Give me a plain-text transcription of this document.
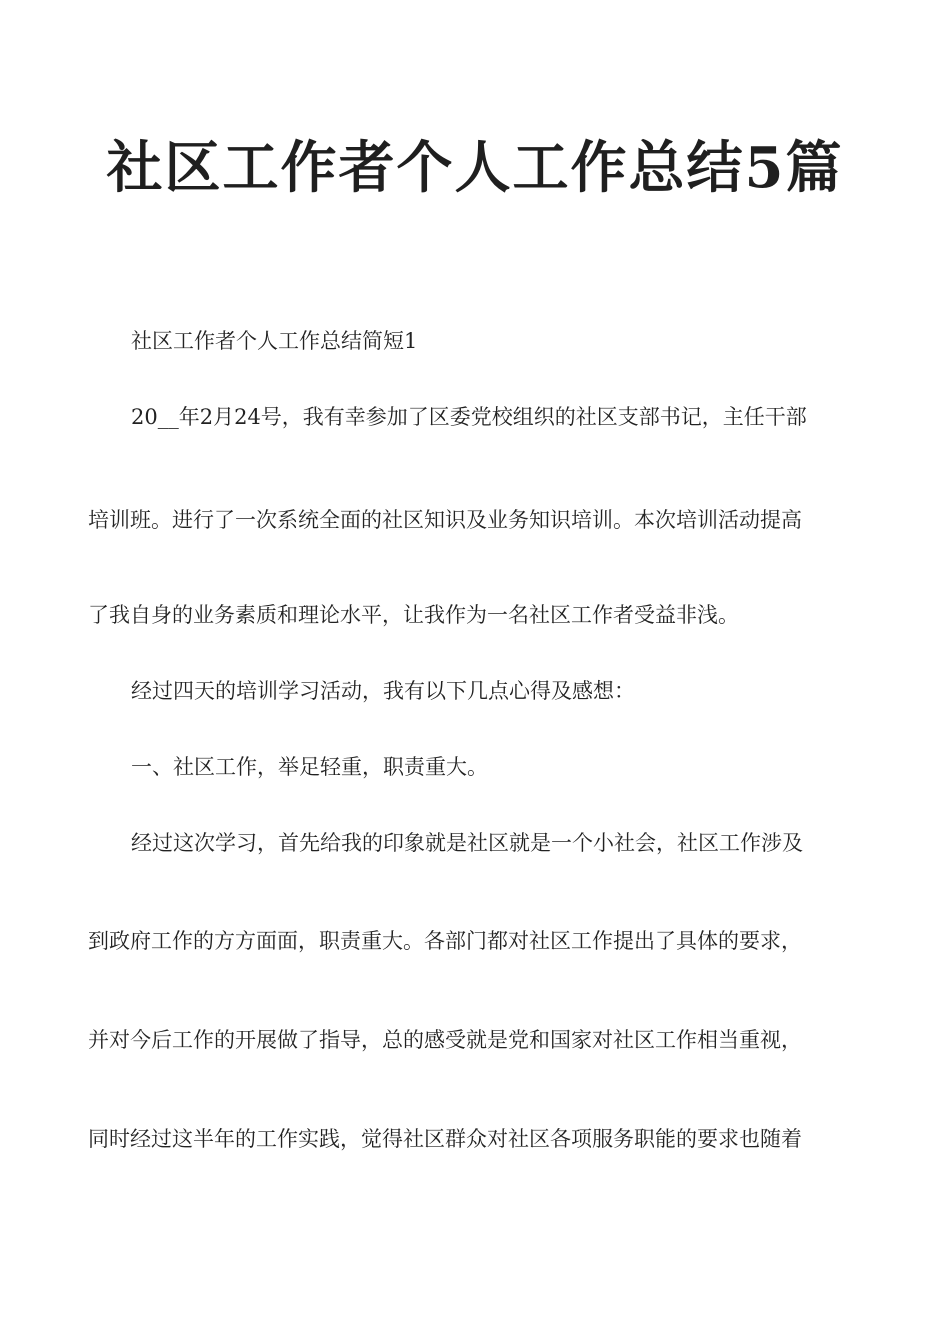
社区工作者个人工作总结5篇
社区工作者个人工作总结简短1
20__年2月24号，我有幸参加了区委党校组织的社区支部书记，主任干部
培训班。进行了一次系统全面的社区知识及业务知识培训。本次培训活动提高
了我自身的业务素质和理论水平，让我作为一名社区工作者受益非浅。
经过四天的培训学习活动，我有以下几点心得及感想：
一、社区工作，举足轻重，职责重大。
经过这次学习，首先给我的印象就是社区就是一个小社会，社区工作涉及
到政府工作的方方面面，职责重大。各部门都对社区工作提出了具体的要求，
并对今后工作的开展做了指导，总的感受就是党和国家对社区工作相当重视，
同时经过这半年的工作实践，觉得社区群众对社区各项服务职能的要求也随着
